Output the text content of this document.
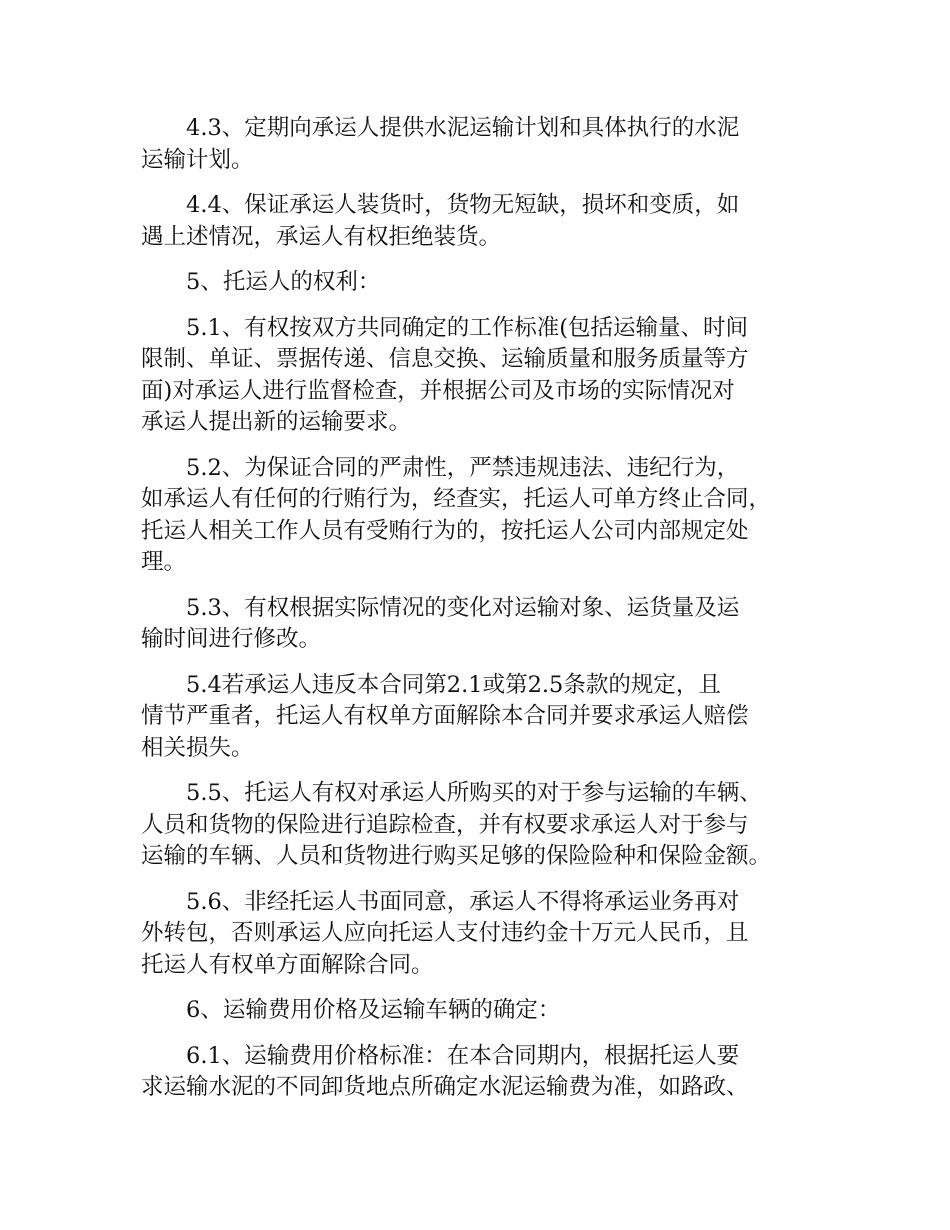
　　4.3、定期向承运人提供水泥运输计划和具体执行的水泥
运输计划。

　　4.4、保证承运人装货时，货物无短缺，损坏和变质，如
遇上述情况，承运人有权拒绝装货。

　　5、托运人的权利：

　　5.1、有权按双方共同确定的工作标准(包括运输量、时间
限制、单证、票据传递、信息交换、运输质量和服务质量等方
面)对承运人进行监督检查，并根据公司及市场的实际情况对
承运人提出新的运输要求。

　　5.2、为保证合同的严肃性，严禁违规违法、违纪行为，
如承运人有任何的行贿行为，经查实，托运人可单方终止合同，
托运人相关工作人员有受贿行为的，按托运人公司内部规定处
理。

　　5.3、有权根据实际情况的变化对运输对象、运货量及运
输时间进行修改。

　　5.4若承运人违反本合同第2.1或第2.5条款的规定，且
情节严重者，托运人有权单方面解除本合同并要求承运人赔偿
相关损失。

　　5.5、托运人有权对承运人所购买的对于参与运输的车辆、
人员和货物的保险进行追踪检查，并有权要求承运人对于参与
运输的车辆、人员和货物进行购买足够的保险险种和保险金额。

　　5.6、非经托运人书面同意，承运人不得将承运业务再对
外转包，否则承运人应向托运人支付违约金十万元人民币，且
托运人有权单方面解除合同。

　　6、运输费用价格及运输车辆的确定：

　　6.1、运输费用价格标准：在本合同期内，根据托运人要
求运输水泥的不同卸货地点所确定水泥运输费为准，如路政、
